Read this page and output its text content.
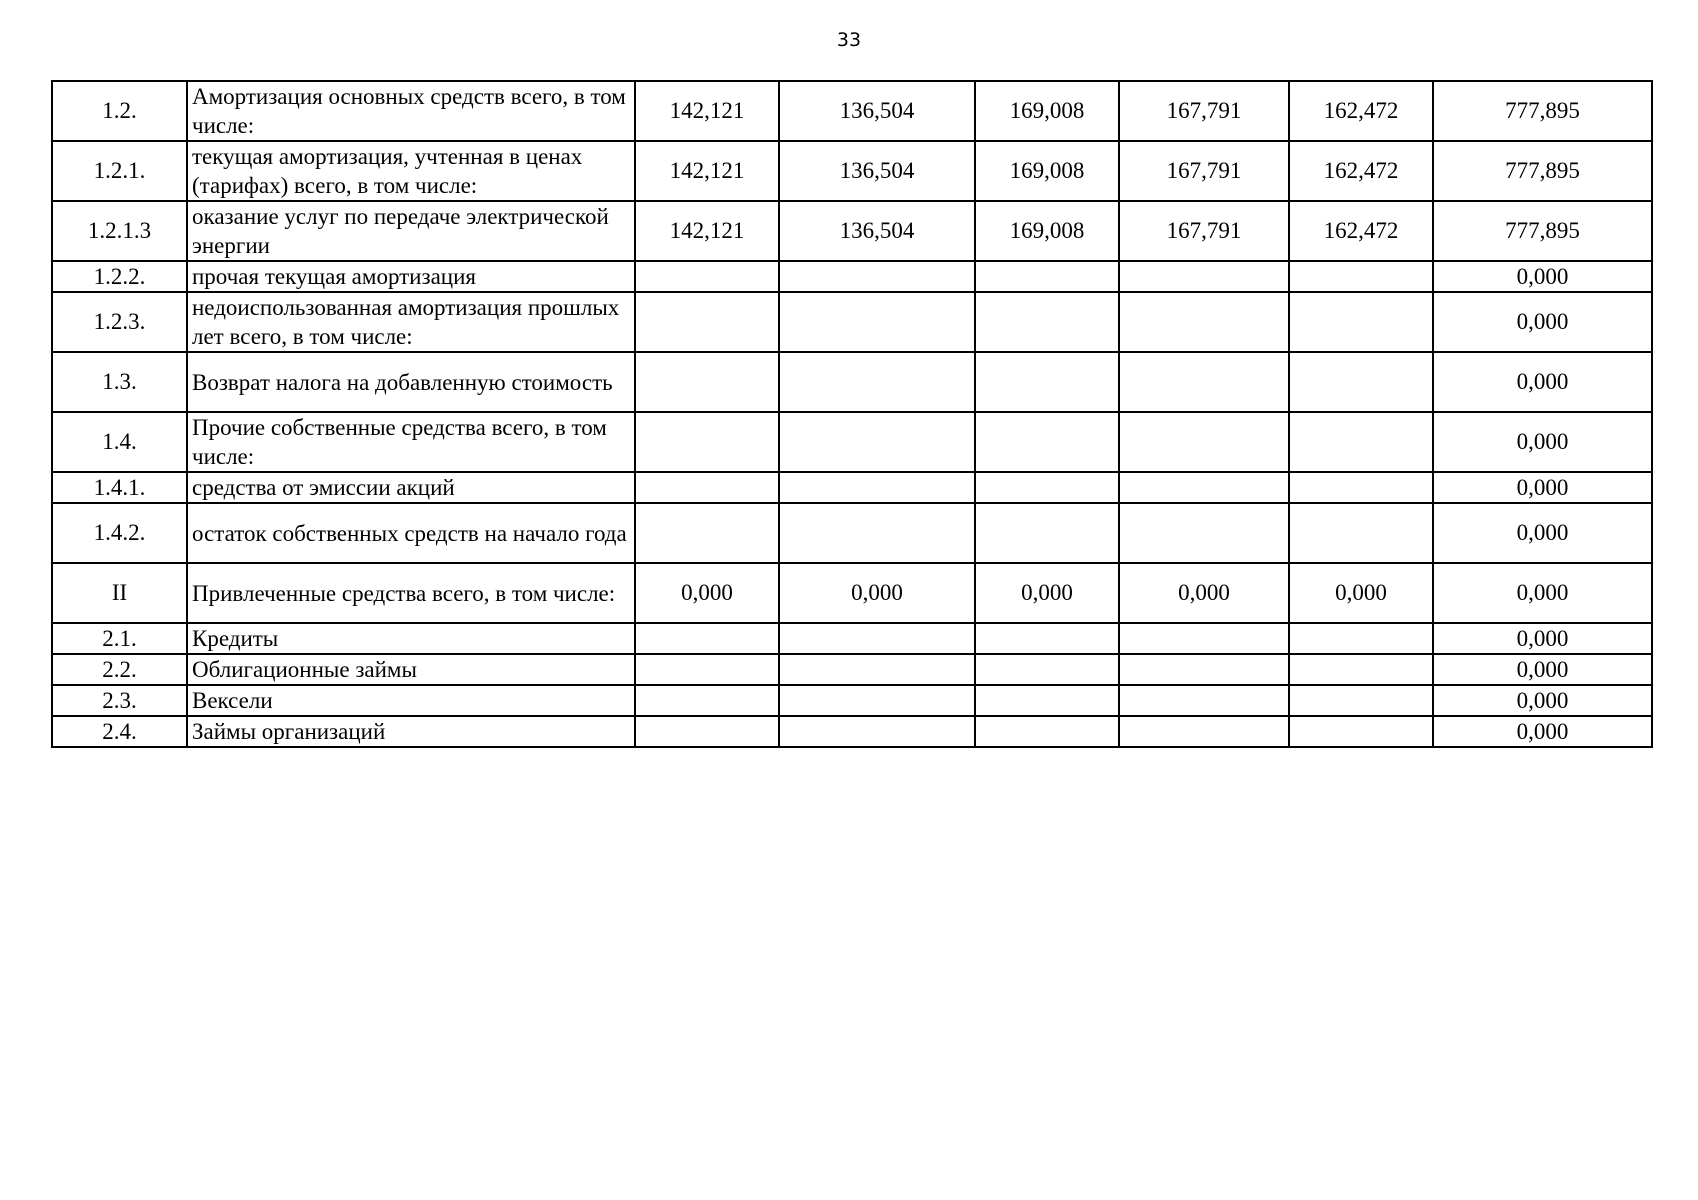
33
1.2.	Амортизация основных средств всего, в том числе:	142,121	136,504	169,008	167,791	162,472	777,895
1.2.1.	текущая амортизация, учтенная в ценах (тарифах) всего, в том числе:	142,121	136,504	169,008	167,791	162,472	777,895
1.2.1.3	оказание услуг по передаче электрической энергии	142,121	136,504	169,008	167,791	162,472	777,895
1.2.2.	прочая текущая амортизация						0,000
1.2.3.	недоиспользованная амортизация прошлых лет всего, в том числе:						0,000
1.3.	Возврат налога на добавленную стоимость						0,000
1.4.	Прочие собственные средства всего, в том числе:						0,000
1.4.1.	средства от эмиссии акций						0,000
1.4.2.	остаток собственных средств на начало года						0,000
II	Привлеченные средства всего, в том числе:	0,000	0,000	0,000	0,000	0,000	0,000
2.1.	Кредиты						0,000
2.2.	Облигационные займы						0,000
2.3.	Вексели						0,000
2.4.	Займы организаций						0,000
